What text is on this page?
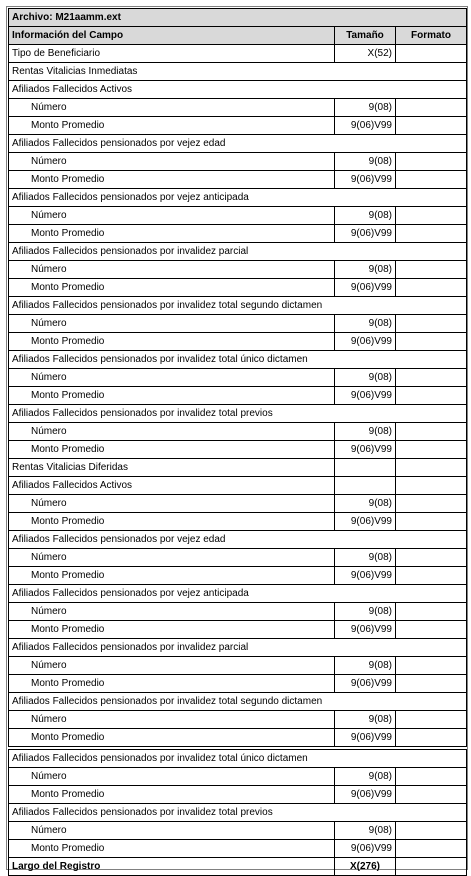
Archivo: M21aamm.ext		
Información del Campo	Tamaño	Formato
Tipo de Beneficiario	X(52)	
Rentas Vitalicias Inmediatas		
Afiliados Fallecidos Activos		
Número	9(08)	
Monto Promedio	9(06)V99	
Afiliados Fallecidos pensionados por vejez edad		
Número	9(08)	
Monto Promedio	9(06)V99	
Afiliados Fallecidos pensionados por vejez anticipada		
Número	9(08)	
Monto Promedio	9(06)V99	
Afiliados Fallecidos pensionados por invalidez parcial		
Número	9(08)	
Monto Promedio	9(06)V99	
Afiliados Fallecidos pensionados por invalidez total segundo dictamen		
Número	9(08)	
Monto Promedio	9(06)V99	
Afiliados Fallecidos pensionados por invalidez total único dictamen		
Número	9(08)	
Monto Promedio	9(06)V99	
Afiliados Fallecidos pensionados por invalidez total previos		
Número	9(08)	
Monto Promedio	9(06)V99	
Rentas Vitalicias Diferidas		
Afiliados Fallecidos Activos		
Número	9(08)	
Monto Promedio	9(06)V99	
Afiliados Fallecidos pensionados por vejez edad		
Número	9(08)	
Monto Promedio	9(06)V99	
Afiliados Fallecidos pensionados por vejez anticipada		
Número	9(08)	
Monto Promedio	9(06)V99	
Afiliados Fallecidos pensionados por invalidez parcial		
Número	9(08)	
Monto Promedio	9(06)V99	
Afiliados Fallecidos pensionados por invalidez total segundo dictamen		
Número	9(08)	
Monto Promedio	9(06)V99	

Afiliados Fallecidos pensionados por invalidez total único dictamen		
Número	9(08)	
Monto Promedio	9(06)V99	
Afiliados Fallecidos pensionados por invalidez total previos		
Número	9(08)	
Monto Promedio	9(06)V99	
Largo del Registro	X(276)	
